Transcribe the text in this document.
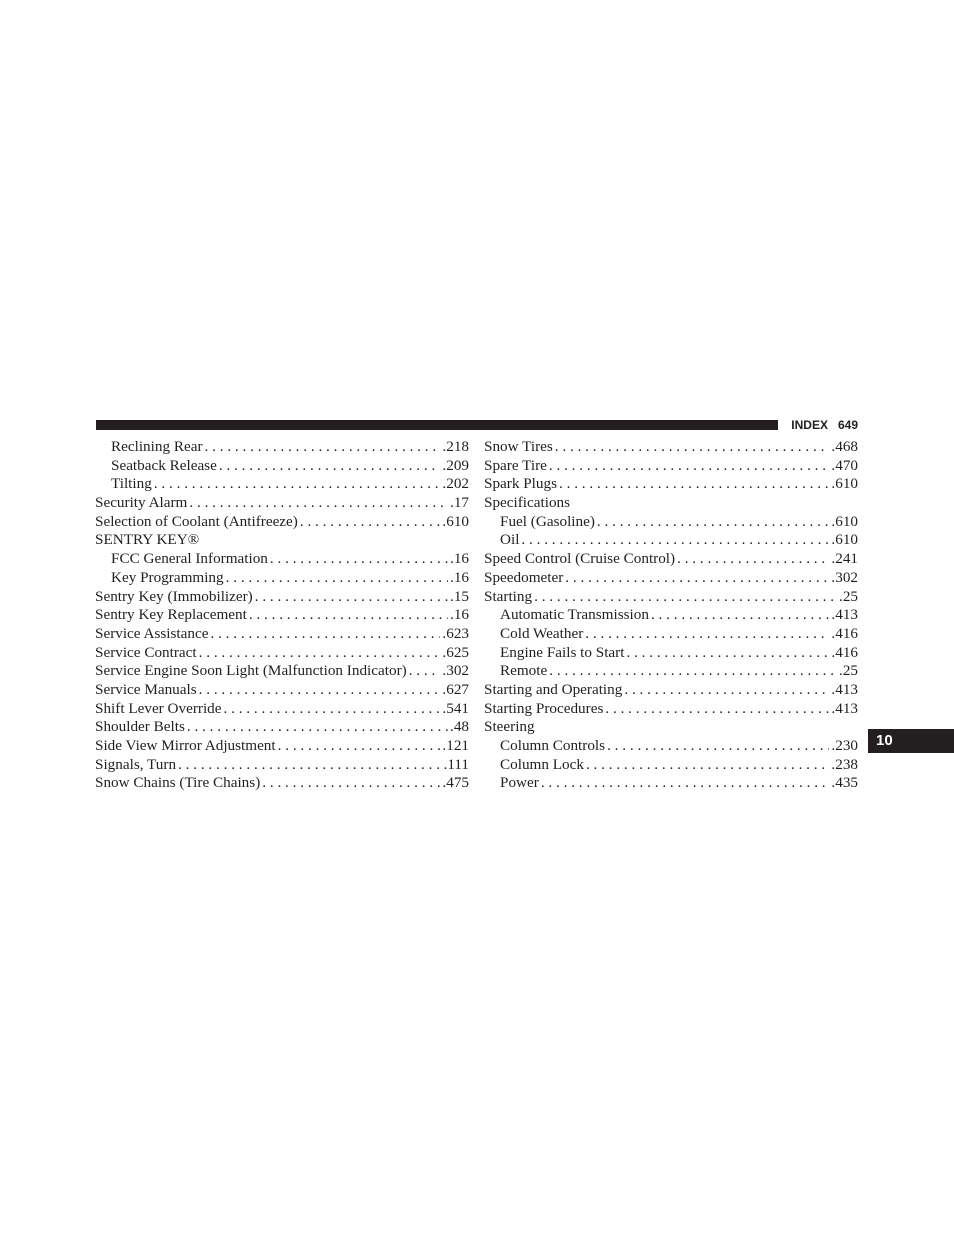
INDEX 649
Reclining Rear . . .	.218
Seatback Release . . .	.209
Tilting . . .	.202
Security Alarm . . .	.17
Selection of Coolant (Antifreeze) . . .	.610
SENTRY KEY®
FCC General Information . . .	.16
Key Programming . . .	.16
Sentry Key (Immobilizer) . . .	.15
Sentry Key Replacement . . .	.16
Service Assistance . . .	.623
Service Contract . . .	.625
Service Engine Soon Light (Malfunction Indicator) . . . .302
Service Manuals . . .	.627
Shift Lever Override . . .	.541
Shoulder Belts . . .	.48
Side View Mirror Adjustment . . .	.121
Signals, Turn . . .	.111
Snow Chains (Tire Chains) . . .	.475
Snow Tires . . .	.468
Spare Tire . . .	.470
Spark Plugs . . .	.610
Specifications
Fuel (Gasoline) . . .	.610
Oil . . .	.610
Speed Control (Cruise Control) . . .	.241
Speedometer . . .	.302
Starting . . .	.25
Automatic Transmission . . .	.413
Cold Weather . . .	.416
Engine Fails to Start . . .	.416
Remote . . .	.25
Starting and Operating . . .	.413
Starting Procedures . . .	.413
Steering
Column Controls . . .	.230
Column Lock . . .	.238
Power . . .	.435
10
